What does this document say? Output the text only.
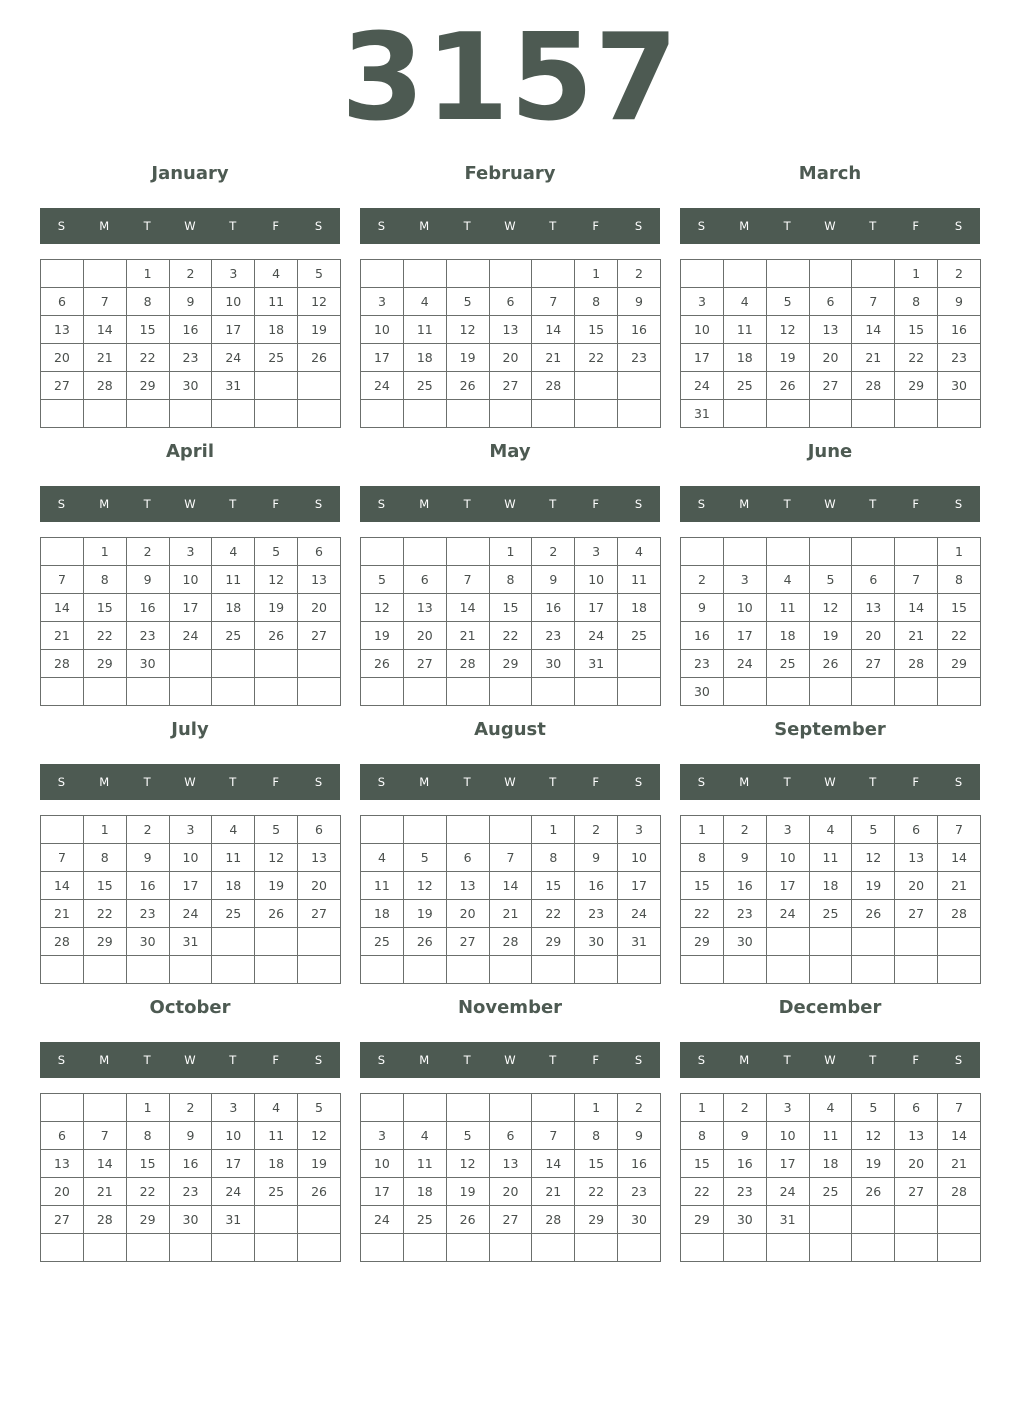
3157
January
S	M	T	W	T	F	S
		1	2	3	4	5
6	7	8	9	10	11	12
13	14	15	16	17	18	19
20	21	22	23	24	25	26
27	28	29	30	31		

February
S	M	T	W	T	F	S
					1	2
3	4	5	6	7	8	9
10	11	12	13	14	15	16
17	18	19	20	21	22	23
24	25	26	27	28		

March
S	M	T	W	T	F	S
					1	2
3	4	5	6	7	8	9
10	11	12	13	14	15	16
17	18	19	20	21	22	23
24	25	26	27	28	29	30
31						
April
S	M	T	W	T	F	S
	1	2	3	4	5	6
7	8	9	10	11	12	13
14	15	16	17	18	19	20
21	22	23	24	25	26	27
28	29	30				

May
S	M	T	W	T	F	S
			1	2	3	4
5	6	7	8	9	10	11
12	13	14	15	16	17	18
19	20	21	22	23	24	25
26	27	28	29	30	31	

June
S	M	T	W	T	F	S
						1
2	3	4	5	6	7	8
9	10	11	12	13	14	15
16	17	18	19	20	21	22
23	24	25	26	27	28	29
30						
July
S	M	T	W	T	F	S
	1	2	3	4	5	6
7	8	9	10	11	12	13
14	15	16	17	18	19	20
21	22	23	24	25	26	27
28	29	30	31			

August
S	M	T	W	T	F	S
				1	2	3
4	5	6	7	8	9	10
11	12	13	14	15	16	17
18	19	20	21	22	23	24
25	26	27	28	29	30	31

September
S	M	T	W	T	F	S
1	2	3	4	5	6	7
8	9	10	11	12	13	14
15	16	17	18	19	20	21
22	23	24	25	26	27	28
29	30					

October
S	M	T	W	T	F	S
		1	2	3	4	5
6	7	8	9	10	11	12
13	14	15	16	17	18	19
20	21	22	23	24	25	26
27	28	29	30	31		

November
S	M	T	W	T	F	S
					1	2
3	4	5	6	7	8	9
10	11	12	13	14	15	16
17	18	19	20	21	22	23
24	25	26	27	28	29	30

December
S	M	T	W	T	F	S
1	2	3	4	5	6	7
8	9	10	11	12	13	14
15	16	17	18	19	20	21
22	23	24	25	26	27	28
29	30	31				
